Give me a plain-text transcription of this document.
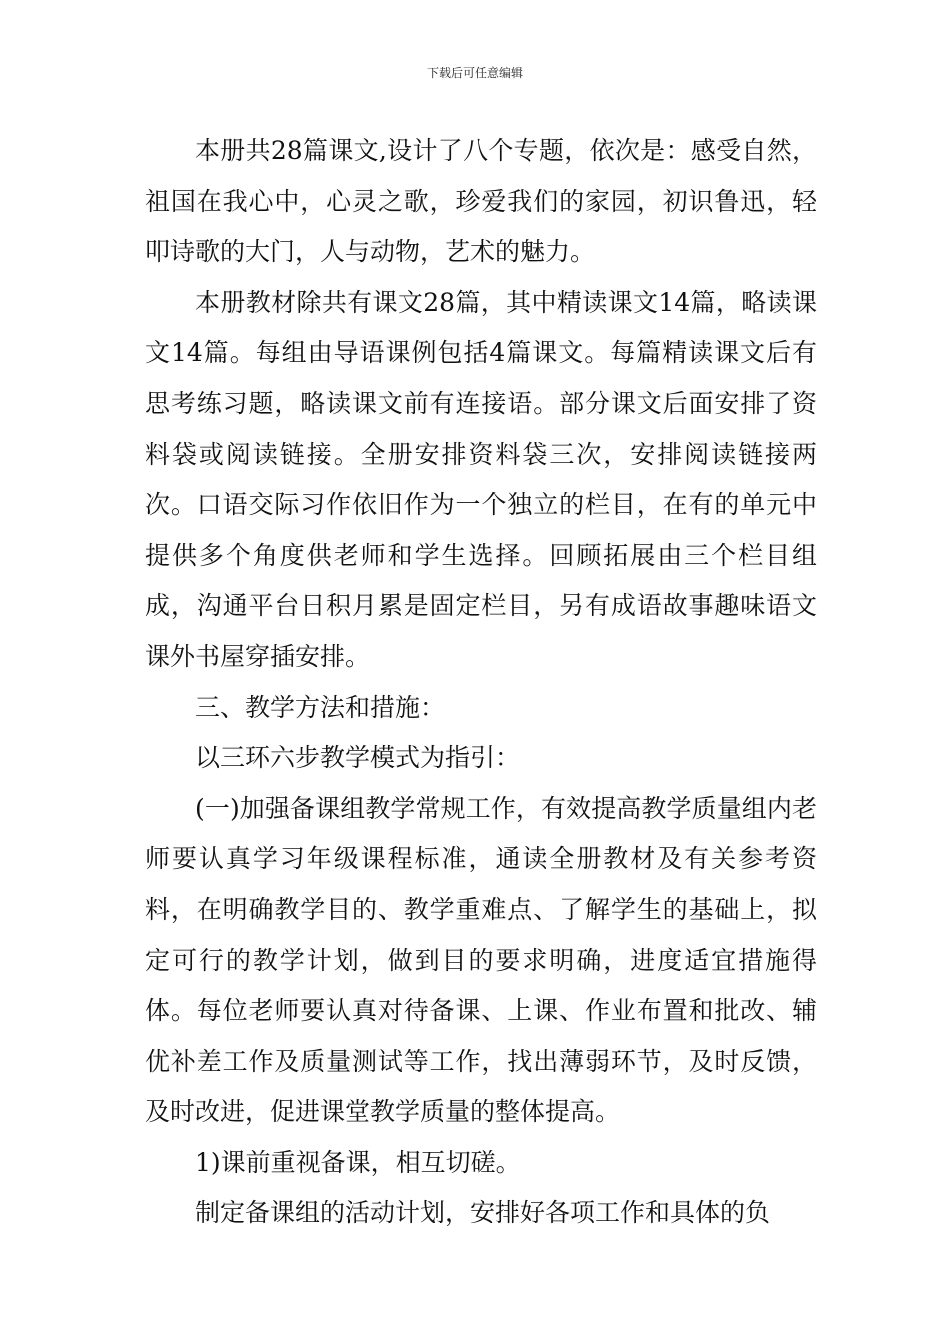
下载后可任意编辑

本册共28篇课文,设计了八个专题，依次是：感受自然，祖国在我心中，心灵之歌，珍爱我们的家园，初识鲁迅，轻叩诗歌的大门，人与动物，艺术的魅力。

本册教材除共有课文28篇，其中精读课文14篇，略读课文14篇。每组由导语课例包括4篇课文。每篇精读课文后有思考练习题，略读课文前有连接语。部分课文后面安排了资料袋或阅读链接。全册安排资料袋三次，安排阅读链接两次。口语交际习作依旧作为一个独立的栏目，在有的单元中提供多个角度供老师和学生选择。回顾拓展由三个栏目组成，沟通平台日积月累是固定栏目，另有成语故事趣味语文课外书屋穿插安排。

三、教学方法和措施：

以三环六步教学模式为指引：

(一)加强备课组教学常规工作，有效提高教学质量组内老师要认真学习年级课程标准，通读全册教材及有关参考资料，在明确教学目的、教学重难点、了解学生的基础上，拟定可行的教学计划，做到目的要求明确，进度适宜措施得体。每位老师要认真对待备课、上课、作业布置和批改、辅优补差工作及质量测试等工作，找出薄弱环节，及时反馈，及时改进，促进课堂教学质量的整体提高。

1)课前重视备课，相互切磋。

制定备课组的活动计划，安排好各项工作和具体的负
